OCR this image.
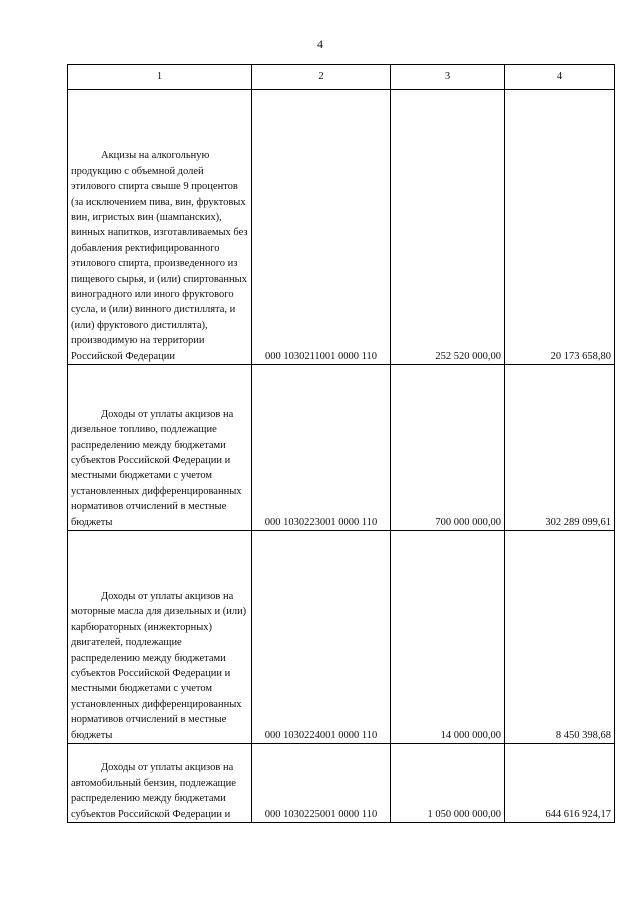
4
1	2	3	4
Акцизы на алкогольную продукцию с объемной долей этилового спирта свыше 9 процентов (за исключением пива, вин, фруктовых вин, игристых вин (шампанских), винных напитков, изготавливаемых без добавления ректифицированного этилового спирта, произведенного из пищевого сырья, и (или) спиртованных виноградного или иного фруктового сусла, и (или) винного дистиллята, и (или) фруктового дистиллята), производимую на территории Российской Федерации	000 1030211001 0000 110	252 520 000,00	20 173 658,80
Доходы от уплаты акцизов на дизельное топливо, подлежащие распределению между бюджетами субъектов Российской Федерации и местными бюджетами с учетом установленных дифференцированных нормативов отчислений в местные бюджеты	000 1030223001 0000 110	700 000 000,00	302 289 099,61
Доходы от уплаты акцизов на моторные масла для дизельных и (или) карбюраторных (инжекторных) двигателей, подлежащие распределению между бюджетами субъектов Российской Федерации и местными бюджетами с учетом установленных дифференцированных нормативов отчислений в местные бюджеты	000 1030224001 0000 110	14 000 000,00	8 450 398,68
Доходы от уплаты акцизов на автомобильный бензин, подлежащие распределению между бюджетами субъектов Российской Федерации и	000 1030225001 0000 110	1 050 000 000,00	644 616 924,17
